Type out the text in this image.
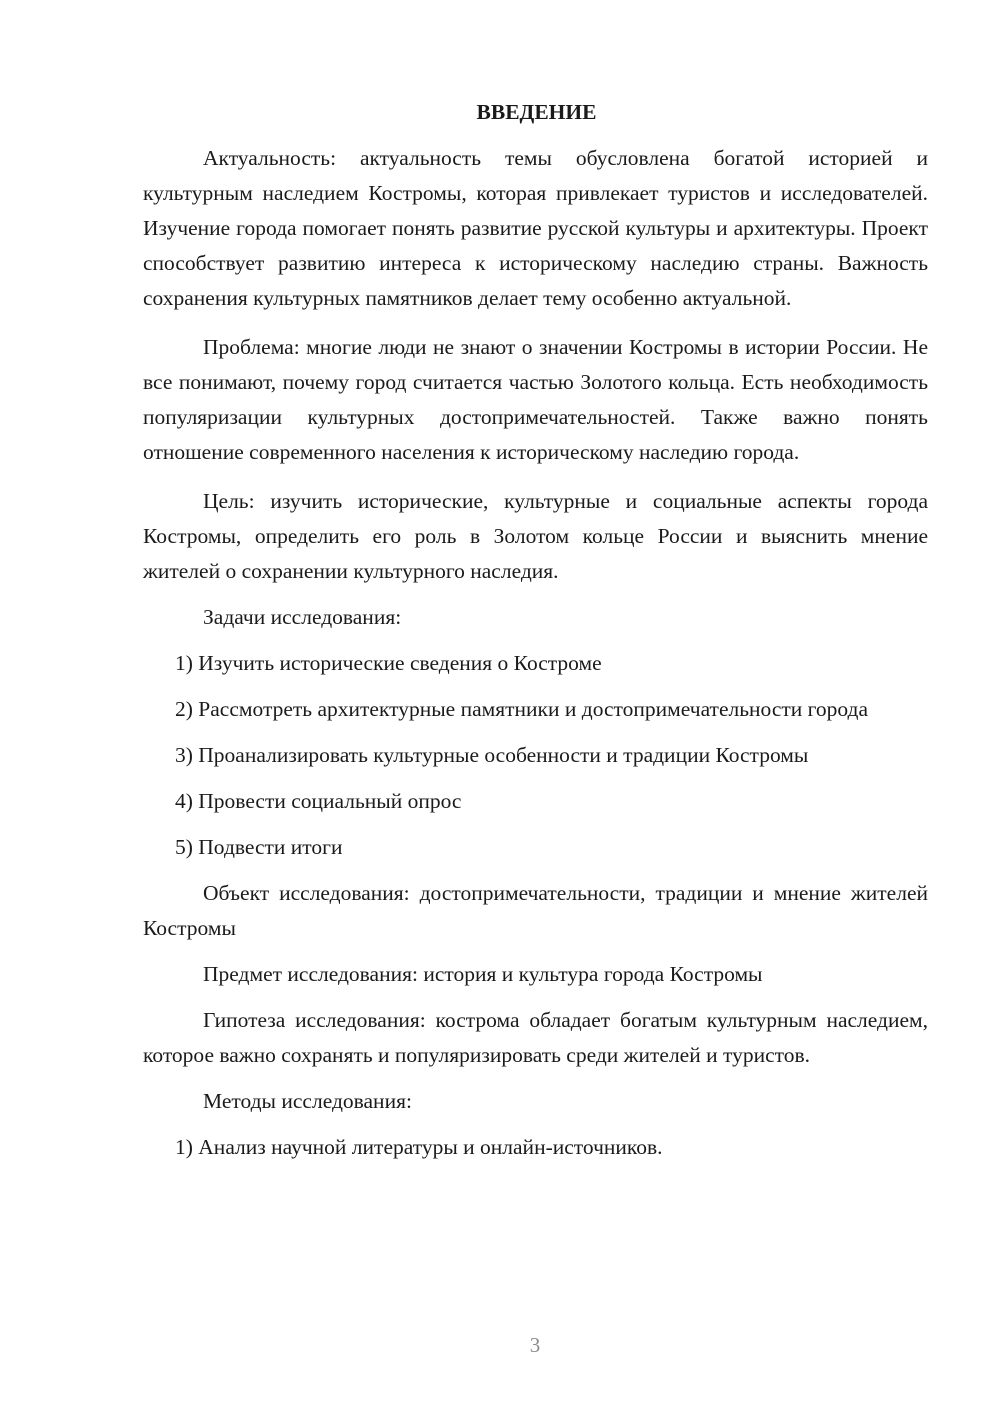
ВВЕДЕНИЕ

Актуальность: актуальность темы обусловлена богатой историей и культурным наследием Костромы, которая привлекает туристов и исследователей. Изучение города помогает понять развитие русской культуры и архитектуры. Проект способствует развитию интереса к историческому наследию страны. Важность сохранения культурных памятников делает тему особенно актуальной.

Проблема: многие люди не знают о значении Костромы в истории России. Не все понимают, почему город считается частью Золотого кольца. Есть необходимость популяризации культурных достопримечательностей. Также важно понять отношение современного населения к историческому наследию города.

Цель: изучить исторические, культурные и социальные аспекты города Костромы, определить его роль в Золотом кольце России и выяснить мнение жителей о сохранении культурного наследия.

Задачи исследования:

1) Изучить исторические сведения о Костроме

2) Рассмотреть архитектурные памятники и достопримечательности города

3) Проанализировать культурные особенности и традиции Костромы

4) Провести социальный опрос

5) Подвести итоги

Объект исследования: достопримечательности, традиции и мнение жителей Костромы

Предмет исследования: история и культура города Костромы

Гипотеза исследования: кострома обладает богатым культурным наследием, которое важно сохранять и популяризировать среди жителей и туристов.

Методы исследования:

1) Анализ научной литературы и онлайн-источников.

3
